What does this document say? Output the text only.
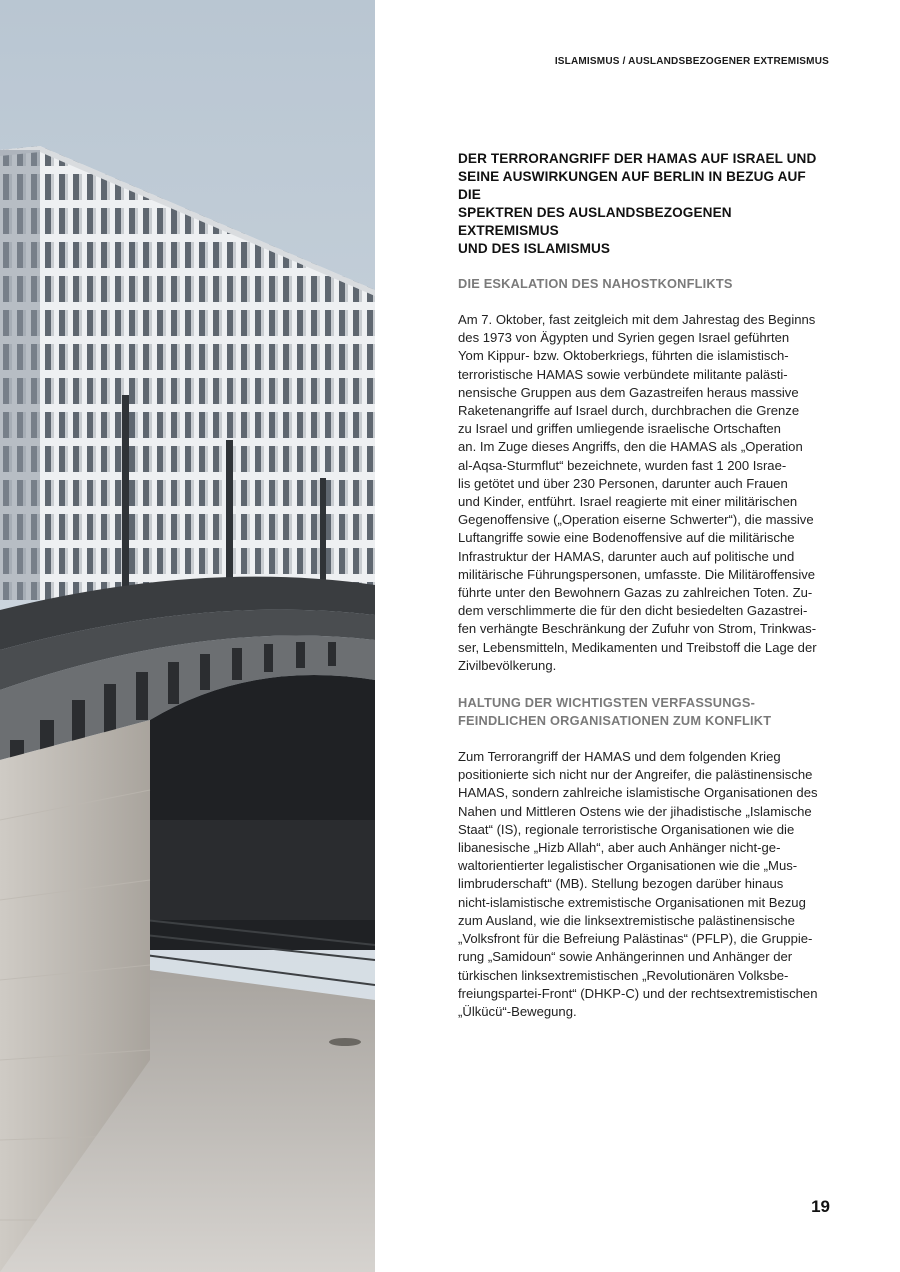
ISLAMISMUS / AUSLANDSBEZOGENER EXTREMISMUS
DER TERRORANGRIFF DER HAMAS AUF ISRAEL UND
SEINE AUSWIRKUNGEN AUF BERLIN IN BEZUG AUF DIE
SPEKTREN DES AUSLANDSBEZOGENEN EXTREMISMUS
UND DES ISLAMISMUS
DIE ESKALATION DES NAHOSTKONFLIKTS

Am 7. Oktober, fast zeitgleich mit dem Jahrestag des Beginns
des 1973 von Ägypten und Syrien gegen Israel geführten
Yom Kippur- bzw. Oktoberkriegs, führten die islamistisch-
terroristische HAMAS sowie verbündete militante palästi-
nensische Gruppen aus dem Gazastreifen heraus massive
Raketenangriffe auf Israel durch, durchbrachen die Grenze
zu Israel und griffen umliegende israelische Ortschaften
an. Im Zuge dieses Angriffs, den die HAMAS als „Operation
al-Aqsa-Sturmflut“ bezeichnete, wurden fast 1 200 Israe-
lis getötet und über 230 Personen, darunter auch Frauen
und Kinder, entführt. Israel reagierte mit einer militärischen
Gegenoffensive („Operation eiserne Schwerter“), die massive
Luftangriffe sowie eine Bodenoffensive auf die militärische
Infrastruktur der HAMAS, darunter auch auf politische und
militärische Führungspersonen, umfasste. Die Militäroffensive
führte unter den Bewohnern Gazas zu zahlreichen Toten. Zu-
dem verschlimmerte die für den dicht besiedelten Gazastrei-
fen verhängte Beschränkung der Zufuhr von Strom, Trinkwas-
ser, Lebensmitteln, Medikamenten und Treibstoff die Lage der
Zivilbevölkerung.

HALTUNG DER WICHTIGSTEN VERFASSUNGS-
FEINDLICHEN ORGANISATIONEN ZUM KONFLIKT

Zum Terrorangriff der HAMAS und dem folgenden Krieg
positionierte sich nicht nur der Angreifer, die palästinensische
HAMAS, sondern zahlreiche islamistische Organisationen des
Nahen und Mittleren Ostens wie der jihadistische „Islamische
Staat“ (IS), regionale terroristische Organisationen wie die
libanesische „Hizb Allah“, aber auch Anhänger nicht-ge-
waltorientierter legalistischer Organisationen wie die „Mus-
limbruderschaft“ (MB). Stellung bezogen darüber hinaus
nicht-islamistische extremistische Organisationen mit Bezug
zum Ausland, wie die linksextremistische palästinensische
„Volksfront für die Befreiung Palästinas“ (PFLP), die Gruppie-
rung „Samidoun“ sowie Anhängerinnen und Anhänger der
türkischen linksextremistischen „Revolutionären Volksbe-
freiungspartei-Front“ (DHKP-C) und der rechtsextremistischen
„Ülkücü“-Bewegung.

19
